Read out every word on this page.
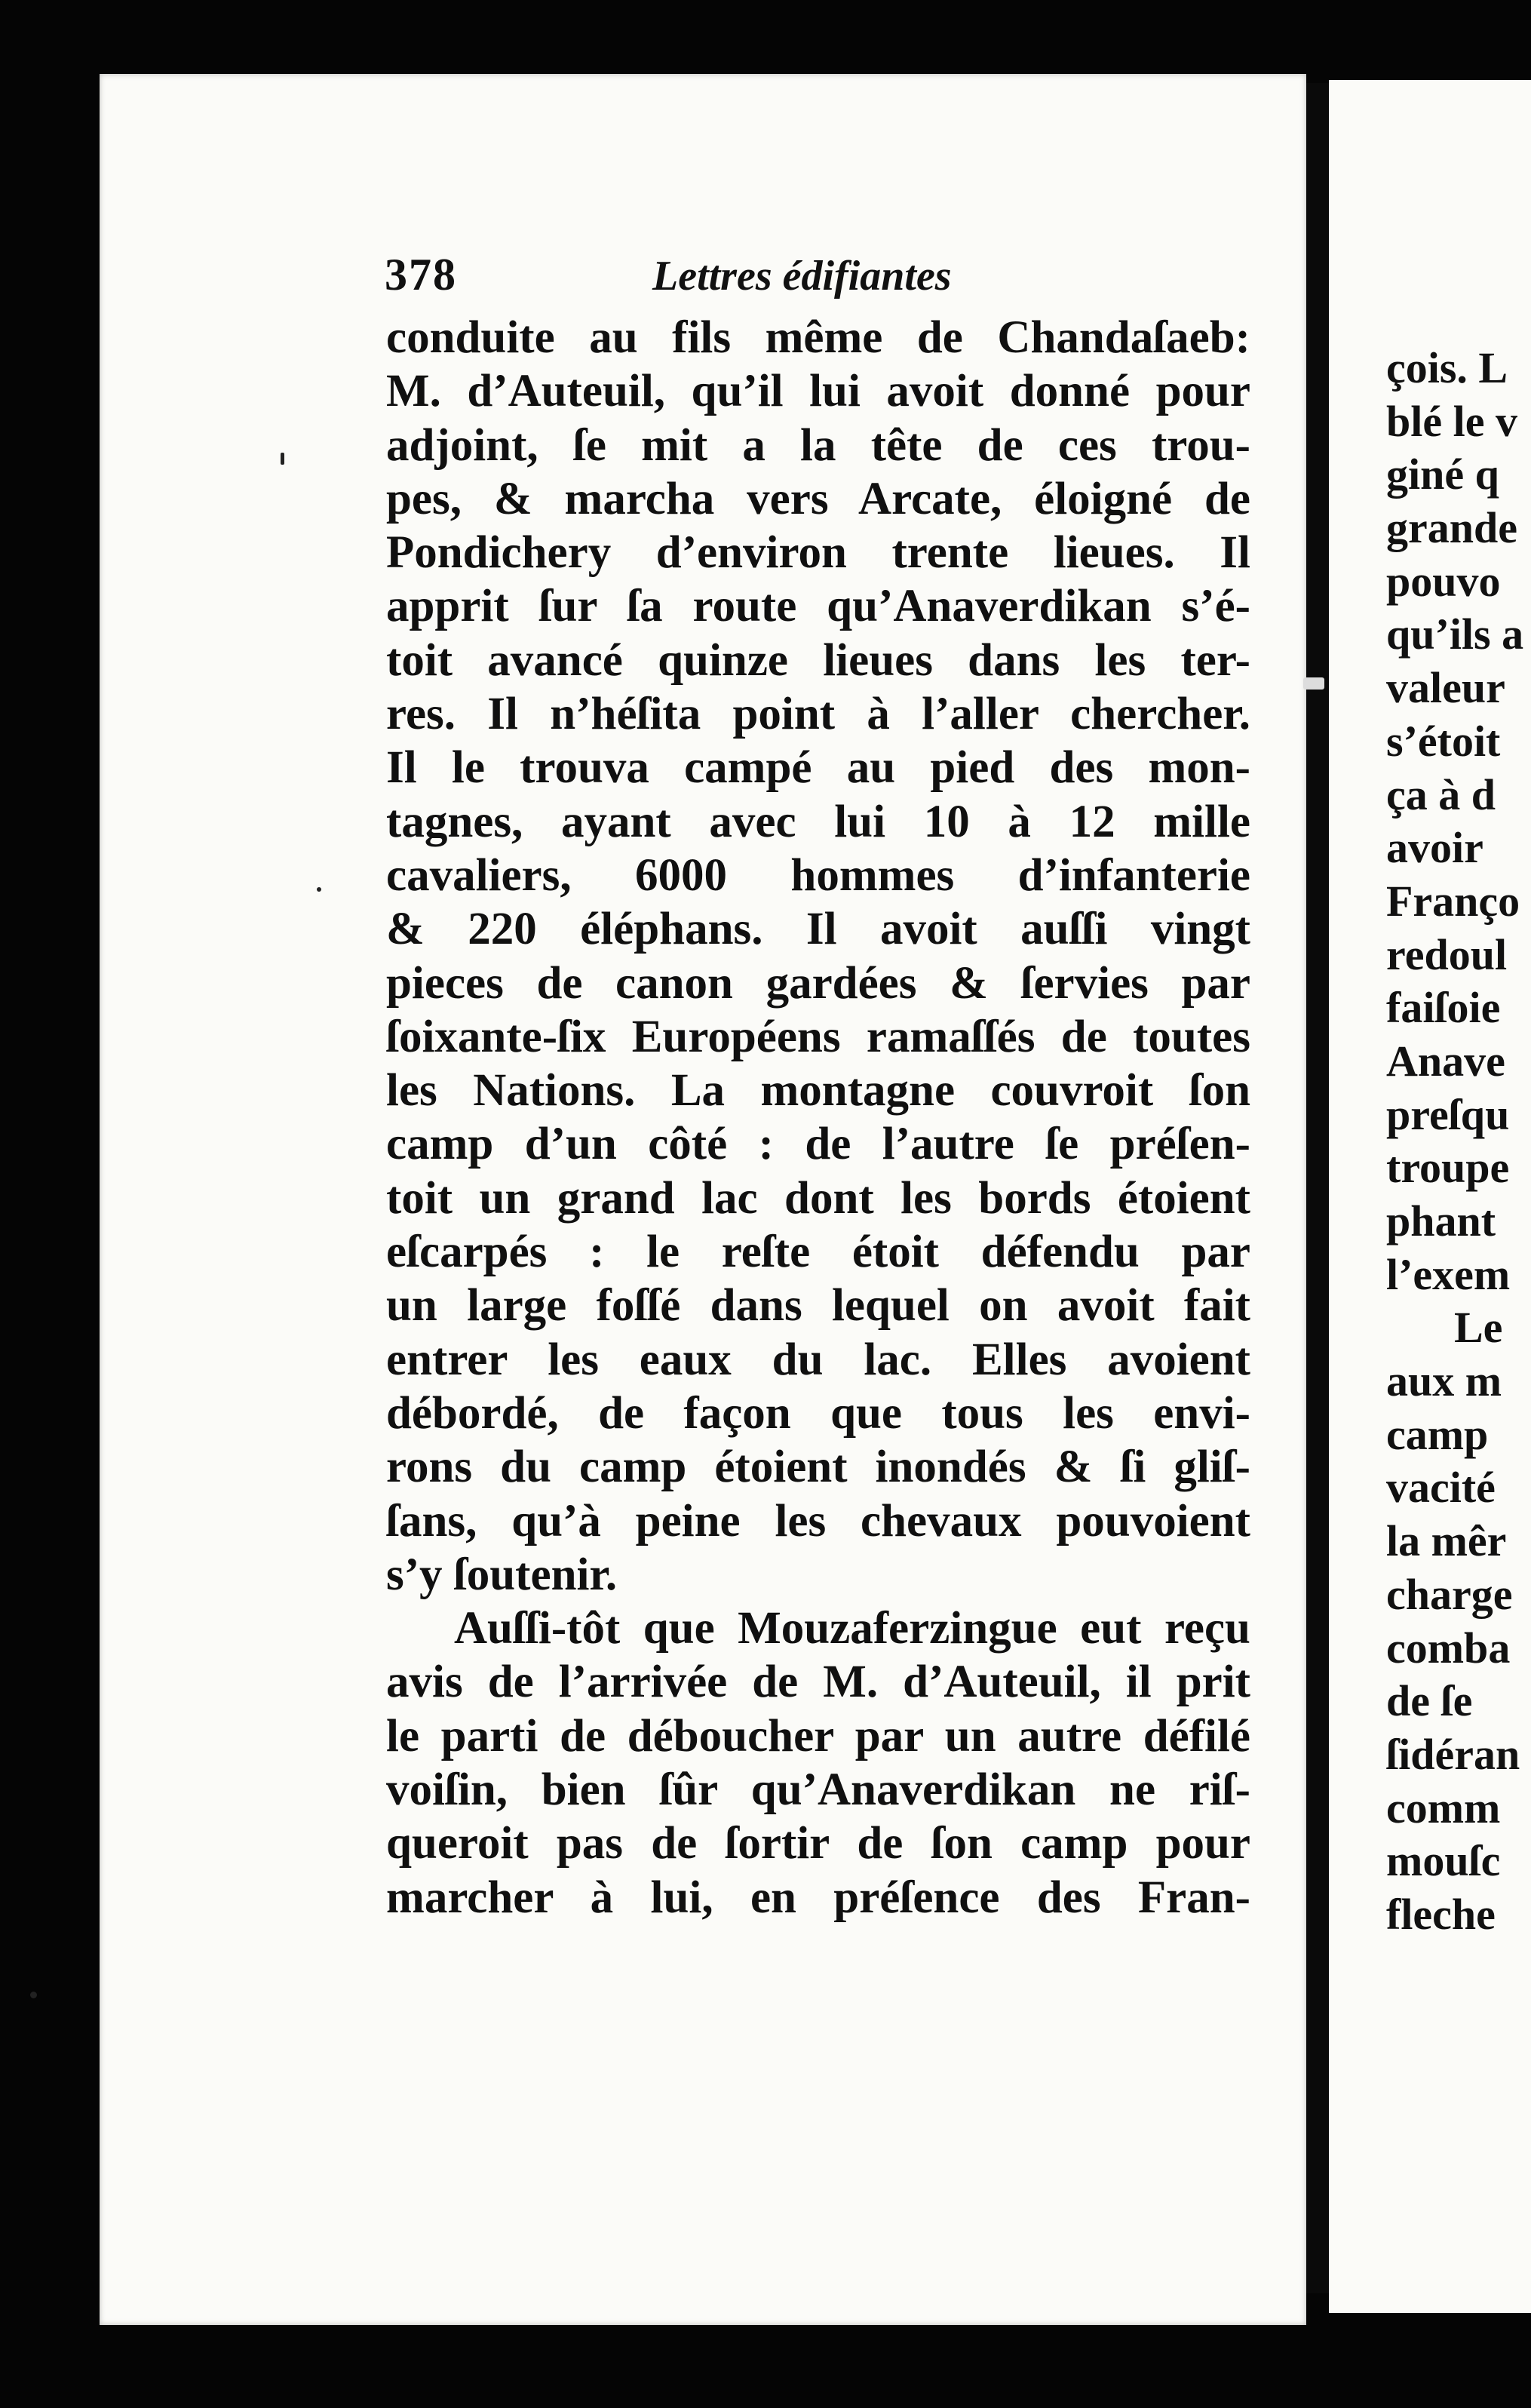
378	Lettres édifiantes
conduite au fils même de Chandaſaeb:
M. d’Auteuil, qu’il lui avoit donné pour
adjoint, ſe mit a la tête de ces trou-
pes, & marcha vers Arcate, éloigné de
Pondichery d’environ trente lieues. Il
apprit ſur ſa route qu’Anaverdikan s’é-
toit avancé quinze lieues dans les ter-
res. Il n’héſita point à l’aller chercher.
Il le trouva campé au pied des mon-
tagnes, ayant avec lui 10 à 12 mille
cavaliers, 6000 hommes d’infanterie
& 220 éléphans. Il avoit auſſi vingt
pieces de canon gardées & ſervies par
ſoixante-ſix Européens ramaſſés de toutes
les Nations. La montagne couvroit ſon
camp d’un côté : de l’autre ſe préſen-
toit un grand lac dont les bords étoient
eſcarpés : le reſte étoit défendu par
un large foſſé dans lequel on avoit fait
entrer les eaux du lac. Elles avoient
débordé, de façon que tous les envi-
rons du camp étoient inondés & ſi gliſ-
ſans, qu’à peine les chevaux pouvoient
s’y ſoutenir.
Auſſi-tôt que Mouzaferzingue eut reçu
avis de l’arrivée de M. d’Auteuil, il prit
le parti de déboucher par un autre défilé
voiſin, bien ſûr qu’Anaverdikan ne riſ-
queroit pas de ſortir de ſon camp pour
marcher à lui, en préſence des Fran-
çois. L
blé le v
giné q
grande
pouvo
qu’ils a
valeur
s’étoit
ça à d
avoir
Franço
redoul
faiſoie
Anave
preſqu
troupe
phant
l’exem
Le
aux m
camp
vacité
la mêr
charge
comba
de ſe
ſidéran
comm
mouſc
fleche
